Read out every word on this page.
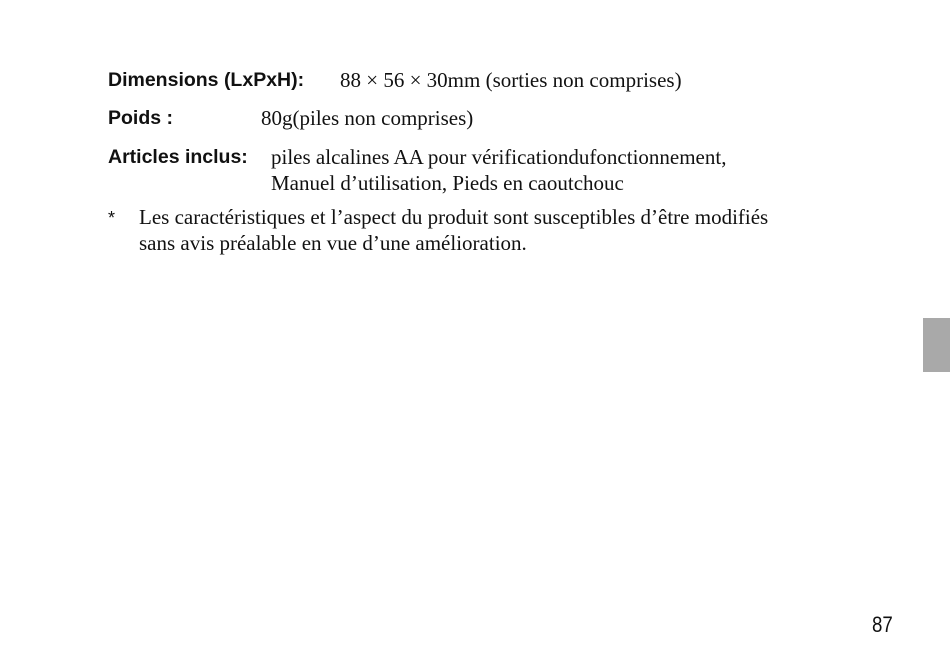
Dimensions (LxPxH): 88 × 56 × 30mm (sorties non comprises)
Poids :	80g(piles non comprises)
Articles inclus: piles alcalines AA pour vérificationdufonctionnement,
Manuel d’utilisation, Pieds en caoutchouc
* Les caractéristiques et l’aspect du produit sont susceptibles d’être modifiés
sans avis préalable en vue d’une amélioration.
87
